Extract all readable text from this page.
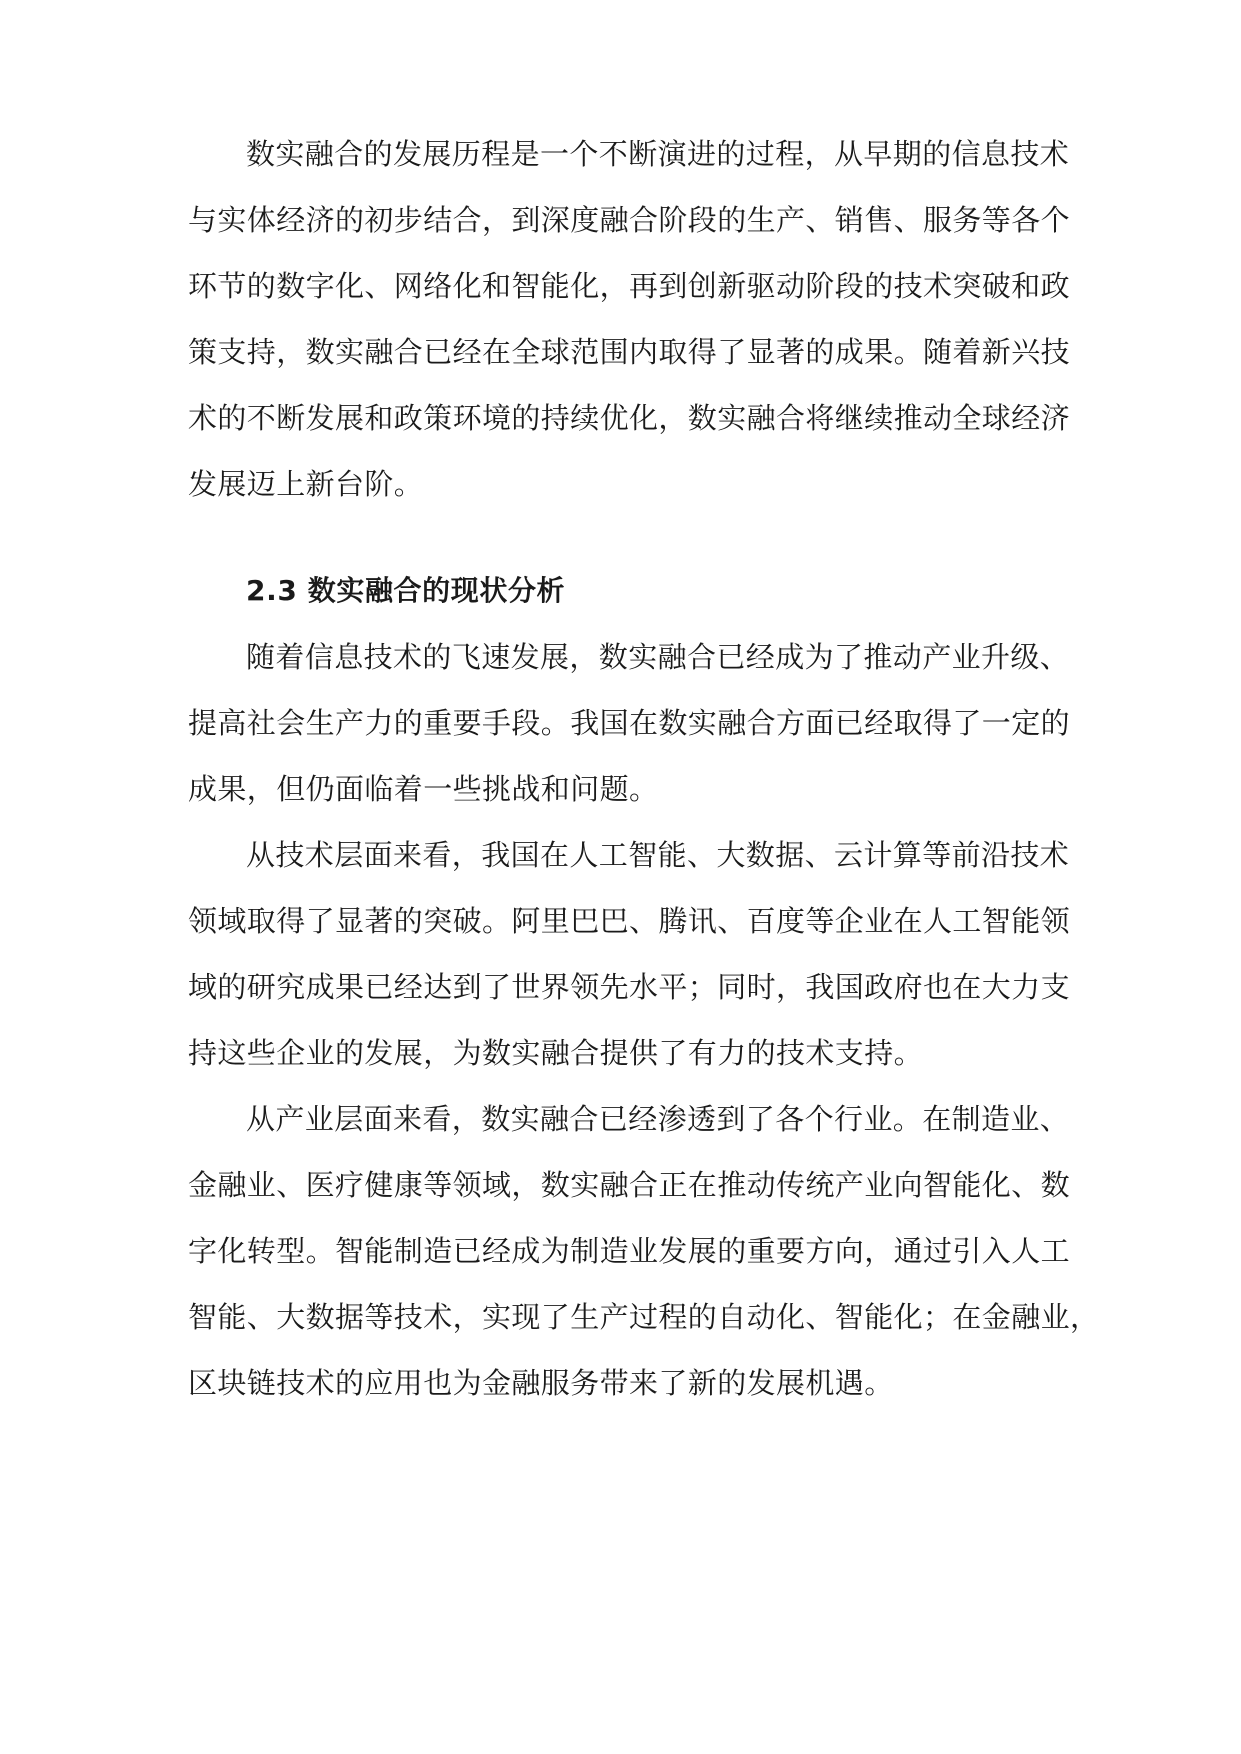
数实融合的发展历程是一个不断演进的过程，从早期的信息技术
与实体经济的初步结合，到深度融合阶段的生产、销售、服务等各个
环节的数字化、网络化和智能化，再到创新驱动阶段的技术突破和政
策支持，数实融合已经在全球范围内取得了显著的成果。随着新兴技
术的不断发展和政策环境的持续优化，数实融合将继续推动全球经济
发展迈上新台阶。
2.3 数实融合的现状分析
随着信息技术的飞速发展，数实融合已经成为了推动产业升级、
提高社会生产力的重要手段。我国在数实融合方面已经取得了一定的
成果，但仍面临着一些挑战和问题。
从技术层面来看，我国在人工智能、大数据、云计算等前沿技术
领域取得了显著的突破。阿里巴巴、腾讯、百度等企业在人工智能领
域的研究成果已经达到了世界领先水平；同时，我国政府也在大力支
持这些企业的发展，为数实融合提供了有力的技术支持。
从产业层面来看，数实融合已经渗透到了各个行业。在制造业、
金融业、医疗健康等领域，数实融合正在推动传统产业向智能化、数
字化转型。智能制造已经成为制造业发展的重要方向，通过引入人工
智能、大数据等技术，实现了生产过程的自动化、智能化；在金融业，
区块链技术的应用也为金融服务带来了新的发展机遇。
